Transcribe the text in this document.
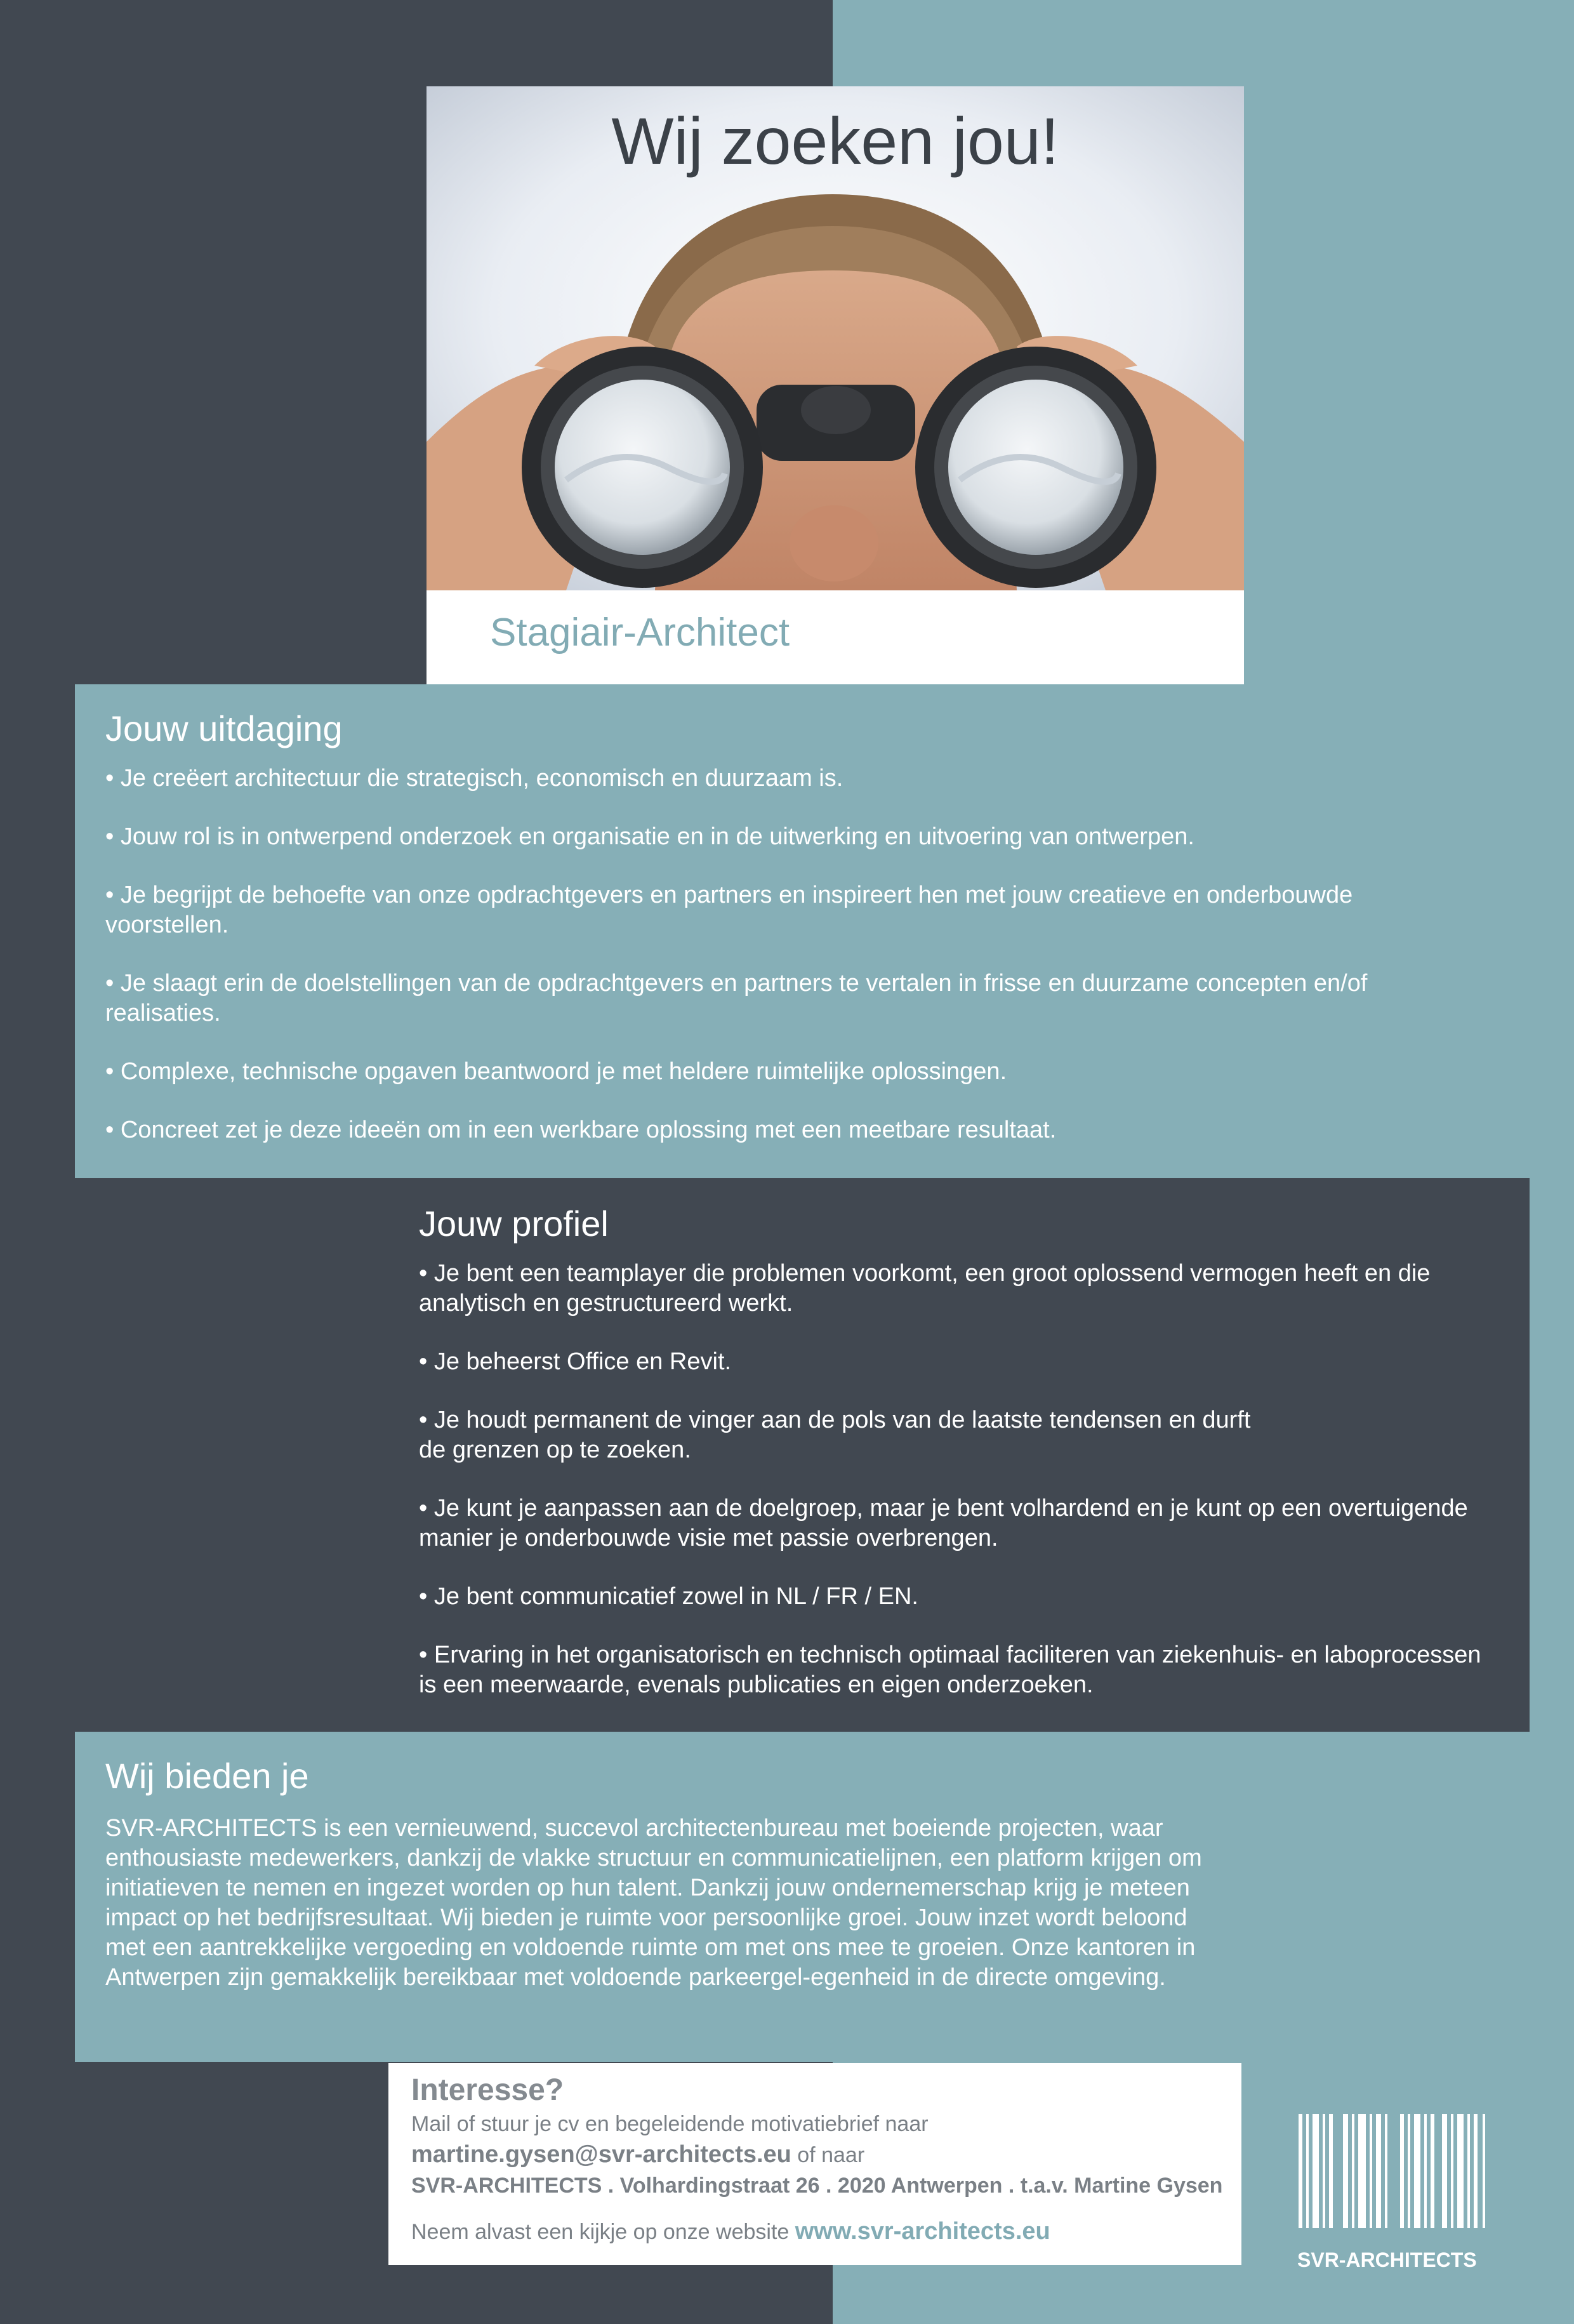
Wij zoeken jou!
Stagiair-Architect
Jouw uitdaging

• Je creëert architectuur die strategisch, economisch en duurzaam is.

• Jouw rol is in ontwerpend onderzoek en organisatie en in de uitwerking en uitvoering van ontwerpen.

• Je begrijpt de behoefte van onze opdrachtgevers en partners en inspireert hen met jouw creatieve en onderbouwde voorstellen.

• Je slaagt erin de doelstellingen van de opdrachtgevers en partners te vertalen in frisse en duurzame concepten en/of realisaties.

• Complexe, technische opgaven beantwoord je met heldere ruimtelijke oplossingen.

• Concreet zet je deze ideeën om in een werkbare oplossing met een meetbare resultaat.

Jouw profiel

• Je bent een teamplayer die problemen voorkomt, een groot oplossend vermogen heeft en die analytisch en gestructureerd werkt.

• Je beheerst Office en Revit.

• Je houdt permanent de vinger aan de pols van de laatste tendensen en durft de grenzen op te zoeken.

• Je kunt je aanpassen aan de doelgroep, maar je bent volhardend en je kunt op een overtuigende manier je onderbouwde visie met passie overbrengen.

• Je bent communicatief zowel in NL / FR / EN.

• Ervaring in het organisatorisch en technisch optimaal faciliteren van ziekenhuis- en laboprocessen is een meerwaarde, evenals publicaties en eigen onderzoeken.

Wij bieden je

SVR-ARCHITECTS is een vernieuwend, succevol architectenbureau met boeiende projecten, waar enthousiaste medewerkers, dankzij de vlakke structuur en communicatielijnen, een platform krijgen om initiatieven te nemen en ingezet worden op hun talent. Dankzij jouw ondernemerschap krijg je meteen impact op het bedrijfsresultaat. Wij bieden je ruimte voor persoonlijke groei. Jouw inzet wordt beloond met een aantrekkelijke vergoeding en voldoende ruimte om met ons mee te groeien. Onze kantoren in Antwerpen zijn gemakkelijk bereikbaar met voldoende parkeergel-egenheid in de directe omgeving.

Interesse?
Mail of stuur je cv en begeleidende motivatiebrief naar
martine.gysen@svr-architects.eu of naar
SVR-ARCHITECTS . Volhardingstraat 26 . 2020 Antwerpen . t.a.v. Martine Gysen
Neem alvast een kijkje op onze website www.svr-architects.eu
SVR-ARCHITECTS
